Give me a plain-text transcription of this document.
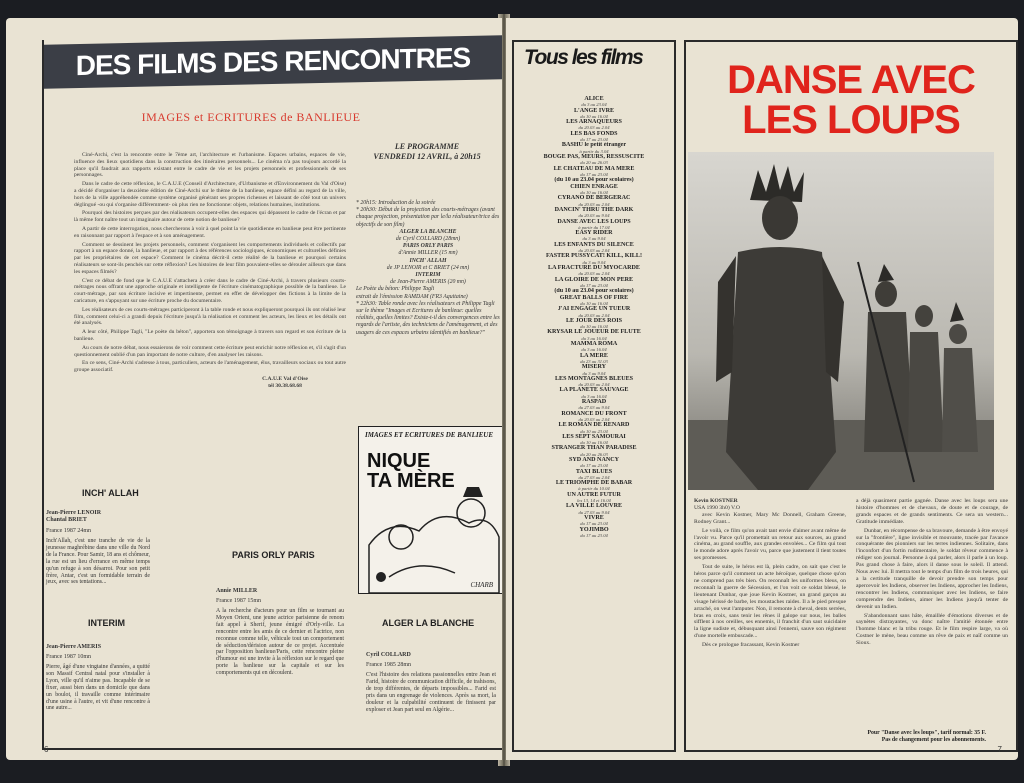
DES FILMS DES RENCONTRES
IMAGES et ECRITURES de BANLIEUE

Ciné-Archi, c'est la rencontre entre le 7ème art, l'architecture et l'urbanisme. Espaces urbains, espaces de vie, influence des lieux quotidiens dans la construction des itinéraires personnels... Le cinéma n'a pas toujours accordé la place qu'il faudrait aux rapports existant entre le cadre de vie et les projets personnels et professionnels de ses personnages.

Dans le cadre de cette réflexion, le C.A.U.E (Conseil d'Architecture, d'Urbanisme et d'Environnement du Val d'Oise) a décidé d'organiser la deuxième édition de Ciné-Archi sur le thème de la banlieue, espace défini au regard de la ville, hors de la ville appréhendée comme système organisé générant ses propres richesses et laissant de côté tout un univers déglingué -ou qui s'organise différemment- où plus rien ne fonctionne: objets, relations humaines, institutions.

Pourquoi des histoires perçues par des réalisateurs occupent-elles des espaces qui dépassent le cadre de l'écran et par là même font naître tout un imaginaire autour de cette notion de banlieue?

A partir de cette interrogation, nous chercherons à voir à quel point la vie quotidienne en banlieue peut être pertinente en raisonnant par rapport à l'espace et à son aménagement.

Comment se dessinent les projets personnels, comment s'organisent les comportements individuels et collectifs par rapport à un espace donné, la banlieue, et par rapport à des références sociologiques, économiques et culturelles définies par les propriétaires de cet espace? Comment le cinéma décrit-il cette réalité de la banlieue et pourquoi certains réalisateurs se sont-ils penchés sur cette réflexion? Les histoires de leur film pouvaient-elles se dérouler ailleurs que dans les espaces filmés?

C'est ce débat de fond que le C.A.U.E s'attachera à créer dans le cadre de Ciné-Archi, à travers plusieurs courts-métrages nous offrant une approche originale et intelligente de l'écriture cinématographique possible de la banlieue. Le court-métrage, par son écriture incisive et impertinente, permet en effet de développer des fictions à la limite de la caricature, en s'appuyant sur une écriture proche du documentaire.

Les réalisateurs de ces courts-métrages participeront à la table ronde et nous expliqueront pourquoi ils ont réalisé leur film, comment celui-ci a grandi depuis l'écriture jusqu'à la réalisation et comment les acteurs, les lieux et les détails ont été analysés.

A leur côté, Philippe Tagli, "Le poète du béton", apportera son témoignage à travers son regard et son écriture de la banlieue.

Au cours de notre débat, nous essaierons de voir comment cette écriture peut enrichir notre réflexion et, s'il s'agit d'un questionnement oublié d'un pan important de notre culture, d'en analyser les raisons.

En ce sens, Ciné-Archi s'adresse à tous, particuliers, acteurs de l'aménagement, élus, travailleurs sociaux ou tout autre groupe associatif.

C.A.U.E Val d'Oise
tél 30.38.68.68
LE PROGRAMME
VENDREDI 12 AVRIL, à 20h15
* 20h15: Introduction de la soirée
* 20h30: Début de la projection des courts-métrages (avant chaque projection, présentation par le/la réalisateur/trice des objectifs de son film)
ALGER LA BLANCHE
de Cyril COLLARD (28mn)
PARIS ORLY PARIS
d'Annie MILLER (15 mn)
INCH' ALLAH
de JP LENOIR et C BRIET (24 mn)
INTERIM
de Jean-Pierre AMERIS (20 mn)
Le Poète du béton: Philippe Tagli
extrait de l'émission RAMDAM (FR3 Aquitaine)
* 22h30: Table ronde avec les réalisateurs et Philippe Tagli sur le thème "Images et Ecritures de banlieue: quelles réalités, quelles limites? Existe-t-il des convergences entre les regards de l'artiste, des techniciens de l'aménagement, et des usagers de ces espaces urbains identifiés en banlieue?"
IMAGES ET ECRITURES DE BANLIEUE
NIQUE TA MÈRE
CHARB
INCH' ALLAH
Jean-Pierre LENOIR
Chantal BRIET
France 1987 24mn
Inch'Allah, c'est une tranche de vie de la jeunesse maghrébine dans une ville du Nord de la France. Pour Samir, 18 ans et chômeur, la rue est un lieu d'errance en même temps qu'un refuge à son désarroi. Pour son petit frère, Antar, c'est un formidable terrain de jeux, avec ses tentations...
INTERIM
Jean-Pierre AMERIS
France 1987 10mn
Pierre, âgé d'une vingtaine d'années, a quitté son Massif Central natal pour s'installer à Lyon, ville qu'il n'aime pas. Incapable de se fixer, aussi bien dans un domicile que dans un boulot, il travaille comme intérimaire d'une usine à l'autre, et vit d'une rencontre à une autre...
PARIS ORLY PARIS
Annie MILLER
France 1987 15mn
A la recherche d'acteurs pour un film se tournant au Moyen Orient, une jeune actrice parisienne de renom fait appel à Sherif, jeune émigré d'Orly-ville. La rencontre entre les amis de ce dernier et l'actrice, non reconnue comme telle, véhicule tout un comportement de séduction/dérision autour de ce projet. Accentuée par l'opposition banlieue/Paris, cette rencontre pleine d'humour est une invite à la réflexion sur le regard que porte la banlieue sur la capitale et sur les comportements qui en découlent.
ALGER LA BLANCHE
Cyril COLLARD
France 1985 28mn
C'est l'histoire des relations passionnelles entre Jean et Farid, histoire de communication difficile, de trahisons, de trop différentes, de départs impossibles... Farid est pris dans un engrenage de violences. Après sa mort, la douleur et la culpabilité continuent de finissent par exploser et Jean part seul en Algérie...
6
Tous les films
ALICE
du 3 au 23.04
L'ANGE IVRE
du 10 au 16.04
LES ARNAQUEURS
du 20.03 au 2.04
LES BAS FONDS
du 17 au 23.04
BASHU le petit étranger
à partir du 3.04
BOUGE PAS, MEURS, RESSUSCITE
du 20 au 26.03
LE CHATEAU DE MA MERE
du 17 au 23.04
(du 10 au 23.04 pour scolaires)
CHIEN ENRAGE
du 10 au 16.04
CYRANO DE BERGERAC
du 20.03 au 2.04
DANCIN' THRU THE DARK
du 20.03 au 9.04
DANSE AVEC LES LOUPS
à partir du 17.04
EASY RIDER
du 3 au 9.04
LES ENFANTS DU SILENCE
du 20.03 au 2.04
FASTER PUSSYCAT! KILL, KILL!
du 3 au 9.04
LA FRACTURE DU MYOCARDE
du 20.03 au 2.04
LA GLOIRE DE MON PERE
du 17 au 23.04
(du 10 au 23.04 pour scolaires)
GREAT BALLS OF FIRE
du 10 au 16.04
J'AI ENGAGE UN TUEUR
du 20.03 au 2.04
LE JOUR DES ROIS
du 10 au 16.04
KRYSAR LE JOUEUR DE FLUTE
du 3 au 16.04
MAMMA ROMA
du 3 au 16.04
LA MERE
du 23 au 31.03
MISERY
du 3 au 9.04
LES MONTAGNES BLEUES
du 20.03 au 2.04
LA PLANETE SAUVAGE
du 3 au 16.04
RASPAD
du 27.03 au 9.04
ROMANCE DU FRONT
du 20.03 au 2.04
LE ROMAN DE RENARD
du 10 au 23.04
LES SEPT SAMOURAI
du 10 au 16.04
STRANGER THAN PARADISE
du 20 au 26.03
SYD AND NANCY
du 17 au 23.04
TAXI BLUES
du 27.03 au 2.04
LE TRIOMPHE DE BABAR
à partir du 10.04
UN AUTRE FUTUR
les 13, 14 et 16.04
LA VILLE LOUVRE
du 27.03 au 9.04
VIVRE
du 17 au 23.04
YOJIMBO
du 17 au 23.04
DANSE AVEC
LES LOUPS
Kevin KOSTNER
USA 1990 3h0) V.O

avec Kevin Kostner, Mary Mc Donnell, Graham Greene, Rodney Grant...

Le voilà, ce film qu'on avait tant envie d'aimer avant même de l'avoir vu. Parce qu'il promettait un retour aux sources, au grand cinéma, au grand souffle, aux grandes envolées... Ce film qui tout le monde adore après l'avoir vu, parce que justement il tient toutes ses promesses.

Tout de suite, le héros est là, plein cadre, on sait que c'est le héros parce qu'il comment un acte héroïque, quelque chose qu'on ne comprend pas très bien. On reconnaît les uniformes bleus, on reconnaît la guerre de Sécession, et l'on voit ce soldat blessé, le lieutenant Dunbar, que joue Kevin Kostner, un grand garçon au visage hérissé de barbe, les moustaches raides. Il a le pied presque arraché, on veut l'amputer. Non, il remonte à cheval, dents serrées, bras en croix, sans tenir les rênes il galope sur nous, les balles sifflent à nos oreilles, ses ennemis, il franchit d'un saut suicidaire la ligne sudiste et, débusquant ainsi l'ennemi, sauve son régiment d'une mortelle embuscade...

Dès ce prologue fracassant, Kevin Kostner

a déjà quasiment partie gagnée. Danse avec les loups sera une histoire d'hommes et de chevaux, de doute et de courage, de grands espaces et de grands sentiments. Ce sera un western... Gratitude immédiate.

Dunbar, en récompense de sa bravoure, demande à être envoyé sur la "frontière", ligne invisible et mouvante, tracée par l'avance conquérante des pionniers sur les terres indiennes. Solitaire, dans l'inconfort d'un fortin rudimentaire, le soldat rêveur commence à rédiger son journal. Personne à qui parler, alors il parle à un loup. Pas grand chose à faire, alors il danse sous le soleil. Il attend. Nous avec lui. Il mettra tout le temps d'un film de trois heures, qui a la certitude tranquille de devoir prendre son temps pour apercevoir les Indiens, observer les Indiens, approcher les Indiens, rencontrer les Indiens, communiquer avec les Indiens, se faire comprendre des Indiens, aimer les Indiens jusqu'à tenter de devenir un Indien.

S'abandonnant sans hâte, émaillée d'émotions diverses et de saynètes distrayantes, va donc naître l'amitié étonnée entre l'homme blanc et la tribu rouge. Et le film respire large, va où Costner le mène, beau comme un rêve de paix et naïf comme un Sioux.

Pour "Danse avec les loups", tarif normal: 35 F.
Pas de changement pour les abonnements.
7
